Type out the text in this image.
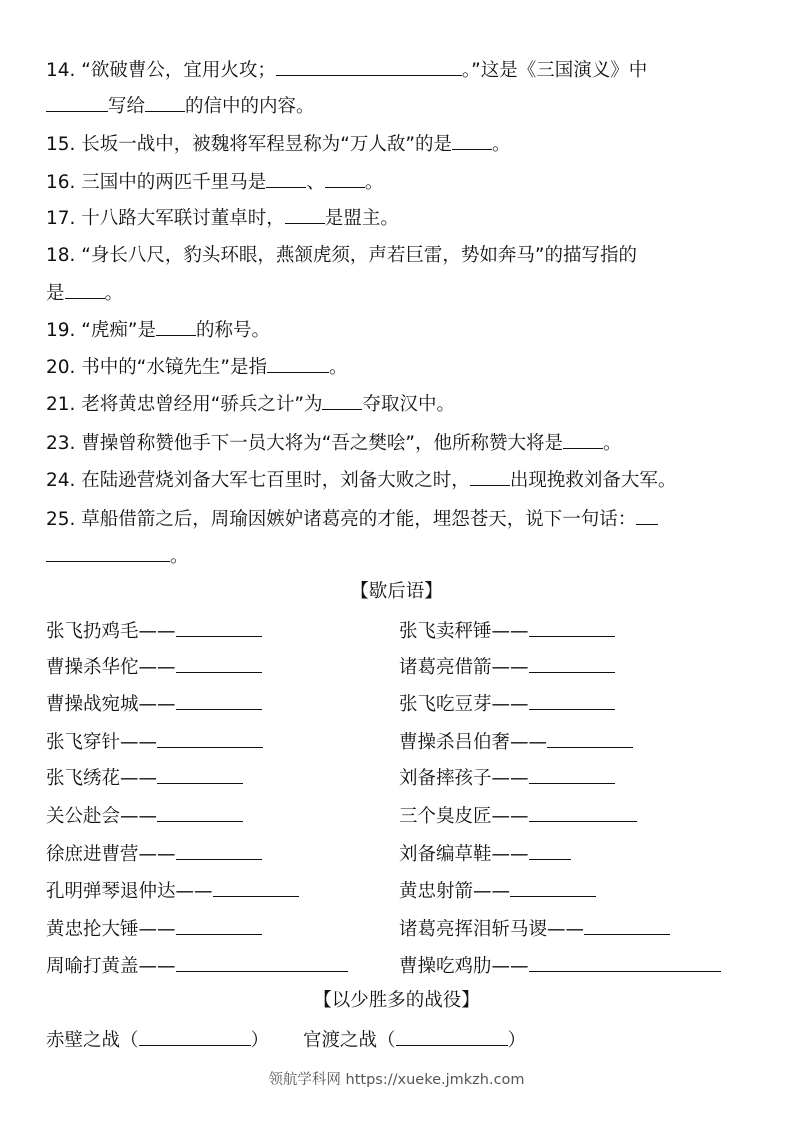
14. “欲破曹公，宜用火攻；	。”这是《三国演义》中
写给 的信中的内容。
15. 长坂一战中，被魏将军程昱称为“万人敌”的是 。
16. 三国中的两匹千里马是 、 。
17. 十八路大军联讨董卓时， 是盟主。
18. “身长八尺，豹头环眼，燕颔虎须，声若巨雷，势如奔马”的描写指的
是 。
19. “虎痴”是 的称号。
20. 书中的“水镜先生”是指	。
21. 老将黄忠曾经用“骄兵之计”为 夺取汉中。
23. 曹操曾称赞他手下一员大将为“吾之樊哙”，他所称赞大将是 。
24. 在陆逊营烧刘备大军七百里时，刘备大败之时， 出现挽救刘备大军。
25. 草船借箭之后，周瑜因嫉妒诸葛亮的才能，埋怨苍天，说下一句话：
。
【歇后语】
张飞扔鸡毛——	张飞卖秤锤——
曹操杀华佗——	诸葛亮借箭——
曹操战宛城——	张飞吃豆芽——
张飞穿针——	曹操杀吕伯奢——
张飞绣花——	刘备摔孩子——
关公赴会——	三个臭皮匠——
徐庶进曹营——	刘备编草鞋——
孔明弹琴退仲达——	黄忠射箭——
黄忠抡大锤——	诸葛亮挥泪斩马谡——
周喻打黄盖——	曹操吃鸡肋——
【以少胜多的战役】
赤壁之战（	） 官渡之战（	）
领航学科网 https://xueke.jmkzh.com
